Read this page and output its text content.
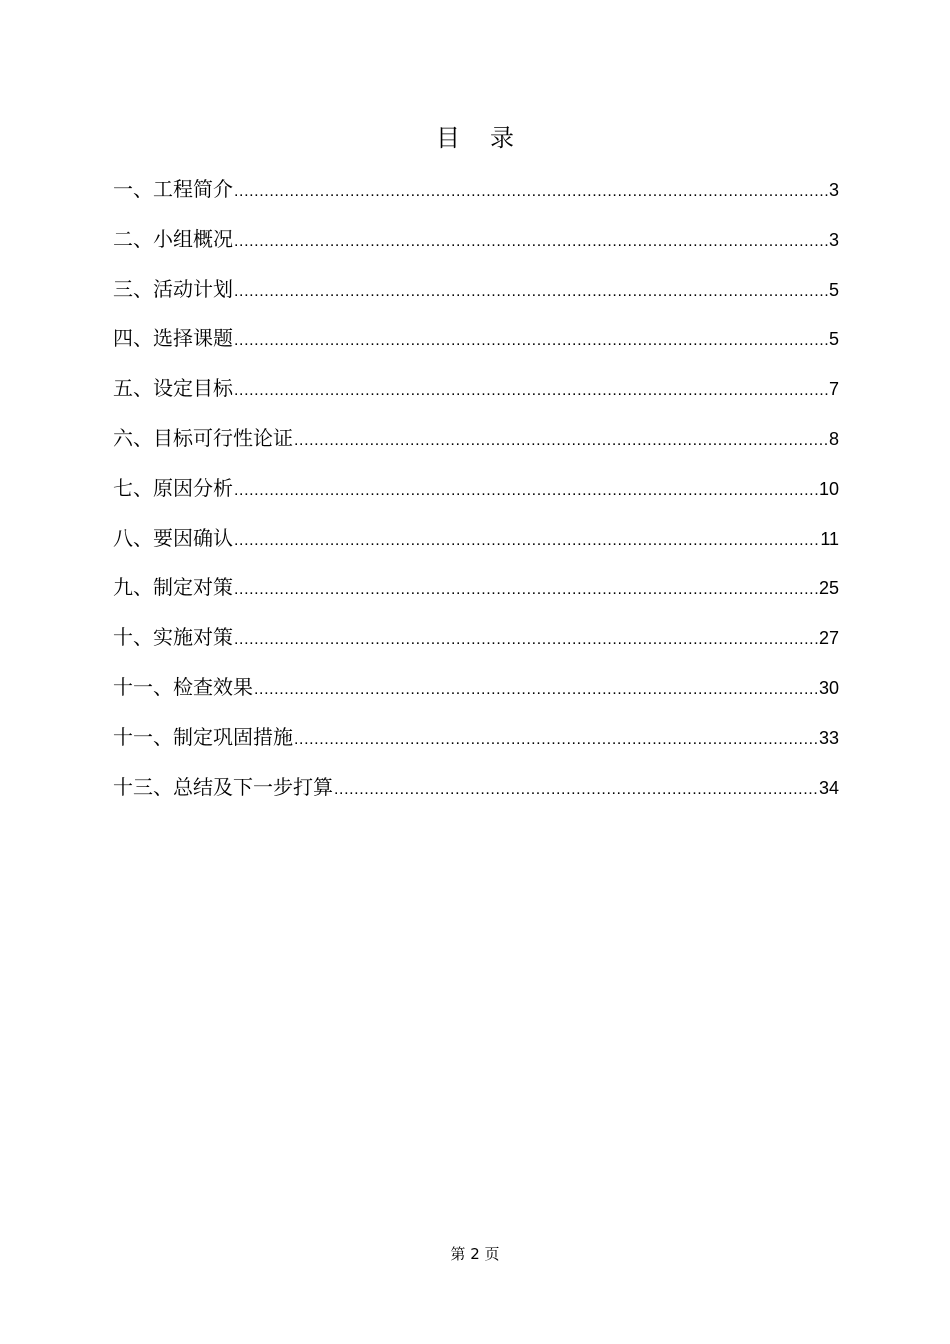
目 录
一、工程简介 .....	3
二、小组概况 .....	3
三、活动计划 .....	5
四、选择课题 .....	5
五、设定目标 .....	7
六、目标可行性论证 .....	8
七、原因分析 .....	10
八、要因确认 .....	11
九、制定对策 .....	25
十、实施对策 .....	27
十一、检查效果 .....	30
十一、制定巩固措施 .....	33
十三、总结及下一步打算 .....	34
第 2 页
